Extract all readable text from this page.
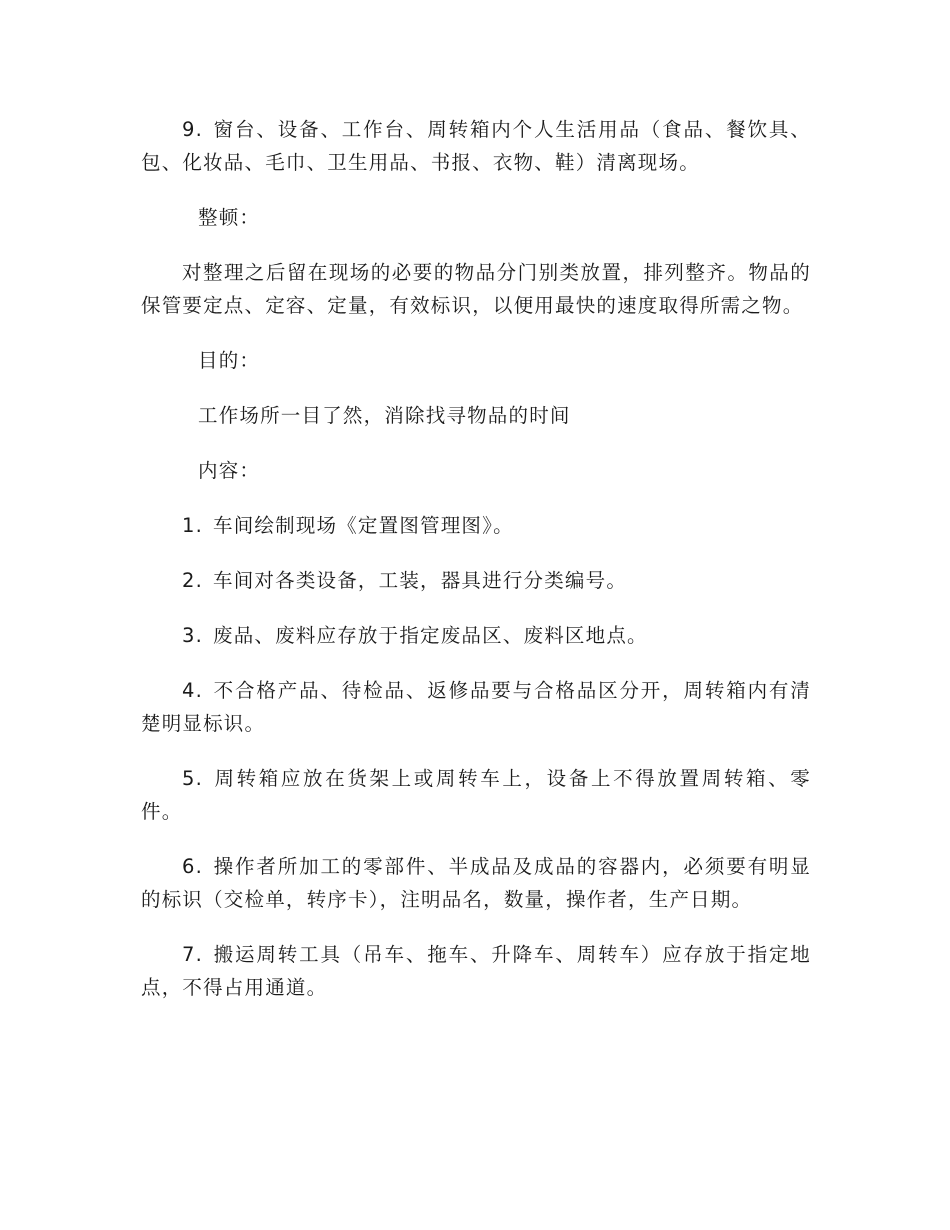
9. 窗台、设备、工作台、周转箱内个人生活用品（食品、餐饮具、包、化妆品、毛巾、卫生用品、书报、衣物、鞋）清离现场。

整顿：

对整理之后留在现场的必要的物品分门别类放置，排列整齐。物品的保管要定点、定容、定量，有效标识，以便用最快的速度取得所需之物。

目的：

工作场所一目了然，消除找寻物品的时间

内容：

1. 车间绘制现场《定置图管理图》。

2. 车间对各类设备，工装，器具进行分类编号。

3. 废品、废料应存放于指定废品区、废料区地点。

4. 不合格产品、待检品、返修品要与合格品区分开，周转箱内有清楚明显标识。

5. 周转箱应放在货架上或周转车上，设备上不得放置周转箱、零件。

6. 操作者所加工的零部件、半成品及成品的容器内，必须要有明显的标识（交检单，转序卡），注明品名，数量，操作者，生产日期。

7. 搬运周转工具（吊车、拖车、升降车、周转车）应存放于指定地点，不得占用通道。
